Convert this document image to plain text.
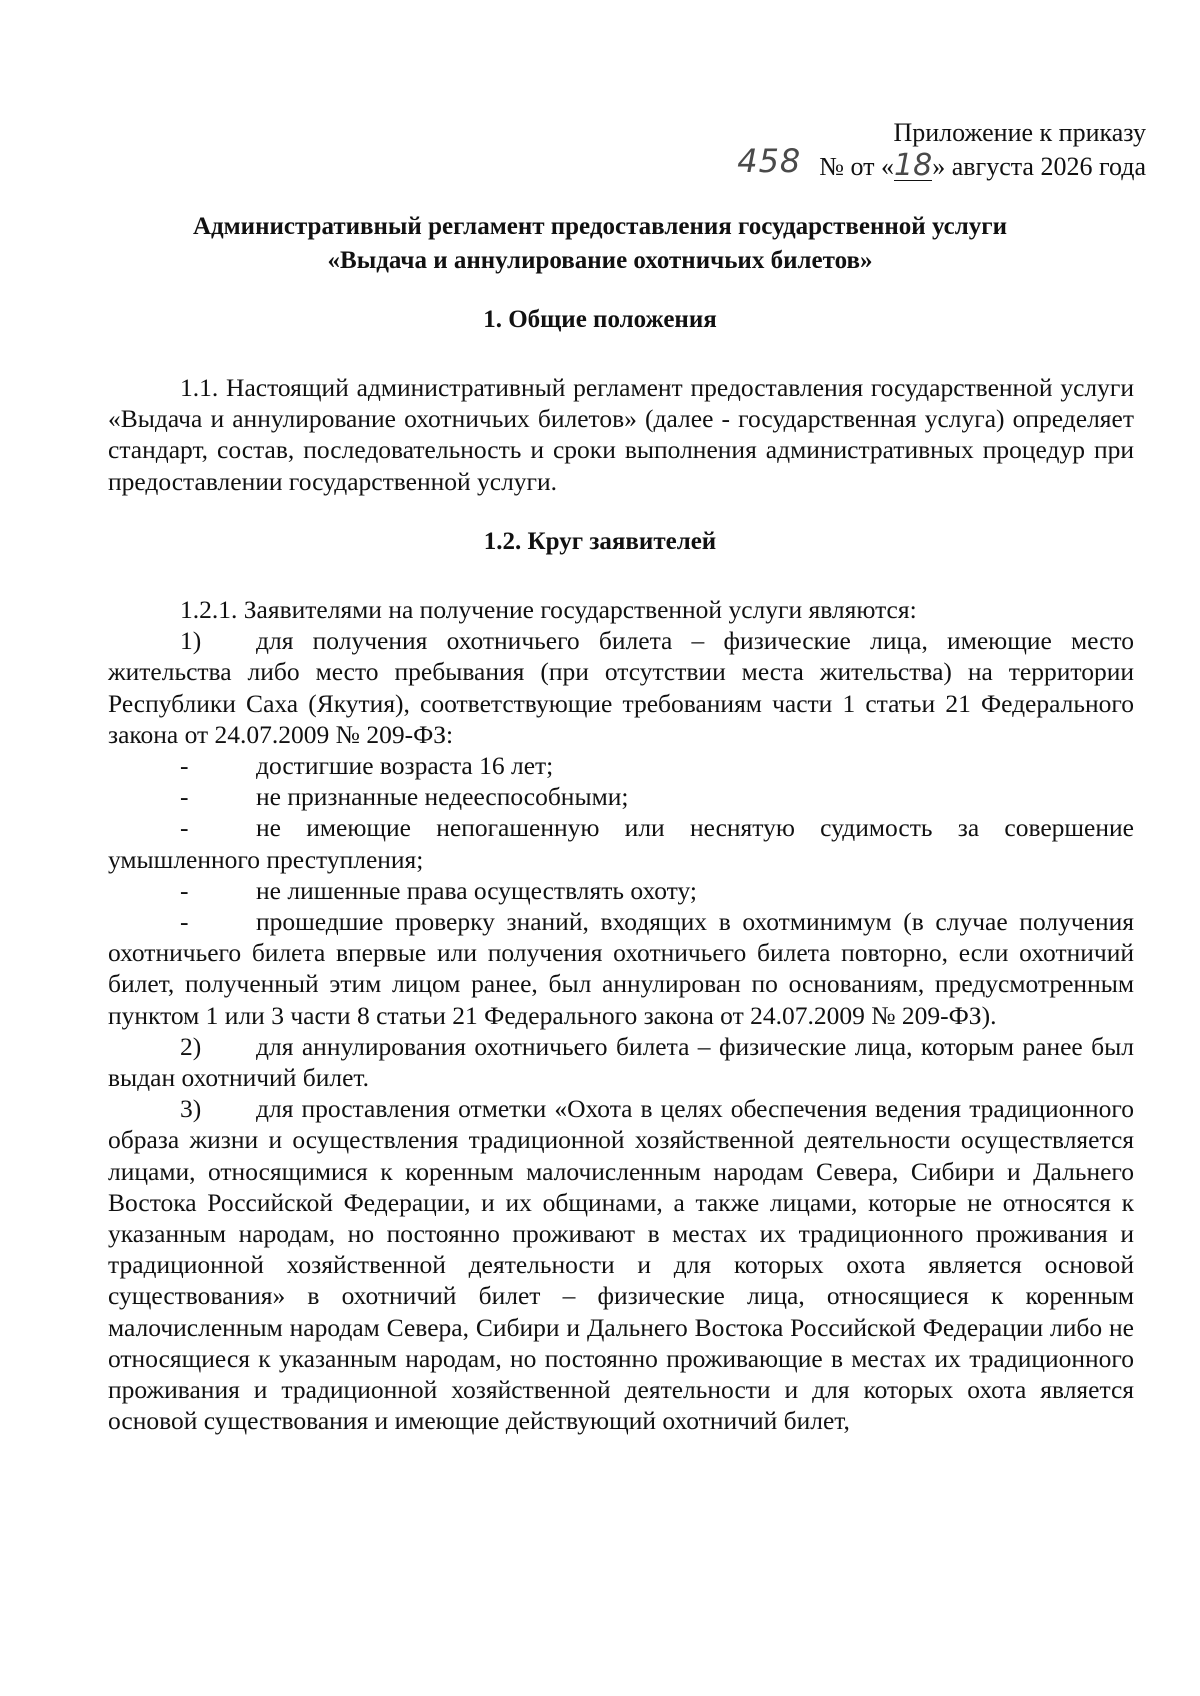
Приложение к приказу
458 № от «18» августа 2026 года
Административный регламент предоставления государственной услуги
«Выдача и аннулирование охотничьих билетов»
1. Общие положения

1.1. Настоящий административный регламент предоставления государственной услуги «Выдача и аннулирование охотничьих билетов» (далее - государственная услуга) определяет стандарт, состав, последовательность и сроки выполнения административных процедур при предоставлении государственной услуги.

1.2. Круг заявителей

1.2.1. Заявителями на получение государственной услуги являются:

1) для получения охотничьего билета – физические лица, имеющие место жительства либо место пребывания (при отсутствии места жительства) на территории Республики Саха (Якутия), соответствующие требованиям части 1 статьи 21 Федерального закона от 24.07.2009 № 209-ФЗ:

-	достигшие возраста 16 лет;

-	не признанные недееспособными;

-	не имеющие непогашенную или неснятую судимость за совершение умышленного преступления;

-	не лишенные права осуществлять охоту;

-	прошедшие проверку знаний, входящих в охотминимум (в случае получения охотничьего билета впервые или получения охотничьего билета повторно, если охотничий билет, полученный этим лицом ранее, был аннулирован по основаниям, предусмотренным пунктом 1 или 3 части 8 статьи 21 Федерального закона от 24.07.2009 № 209-ФЗ).

2) для аннулирования охотничьего билета – физические лица, которым ранее был выдан охотничий билет.

3) для проставления отметки «Охота в целях обеспечения ведения традиционного образа жизни и осуществления традиционной хозяйственной деятельности осуществляется лицами, относящимися к коренным малочисленным народам Севера, Сибири и Дальнего Востока Российской Федерации, и их общинами, а также лицами, которые не относятся к указанным народам, но постоянно проживают в местах их традиционного проживания и традиционной хозяйственной деятельности и для которых охота является основой существования» в охотничий билет – физические лица, относящиеся к коренным малочисленным народам Севера, Сибири и Дальнего Востока Российской Федерации либо не относящиеся к указанным народам, но постоянно проживающие в местах их традиционного проживания и традиционной хозяйственной деятельности и для которых охота является основой существования и имеющие действующий охотничий билет,
